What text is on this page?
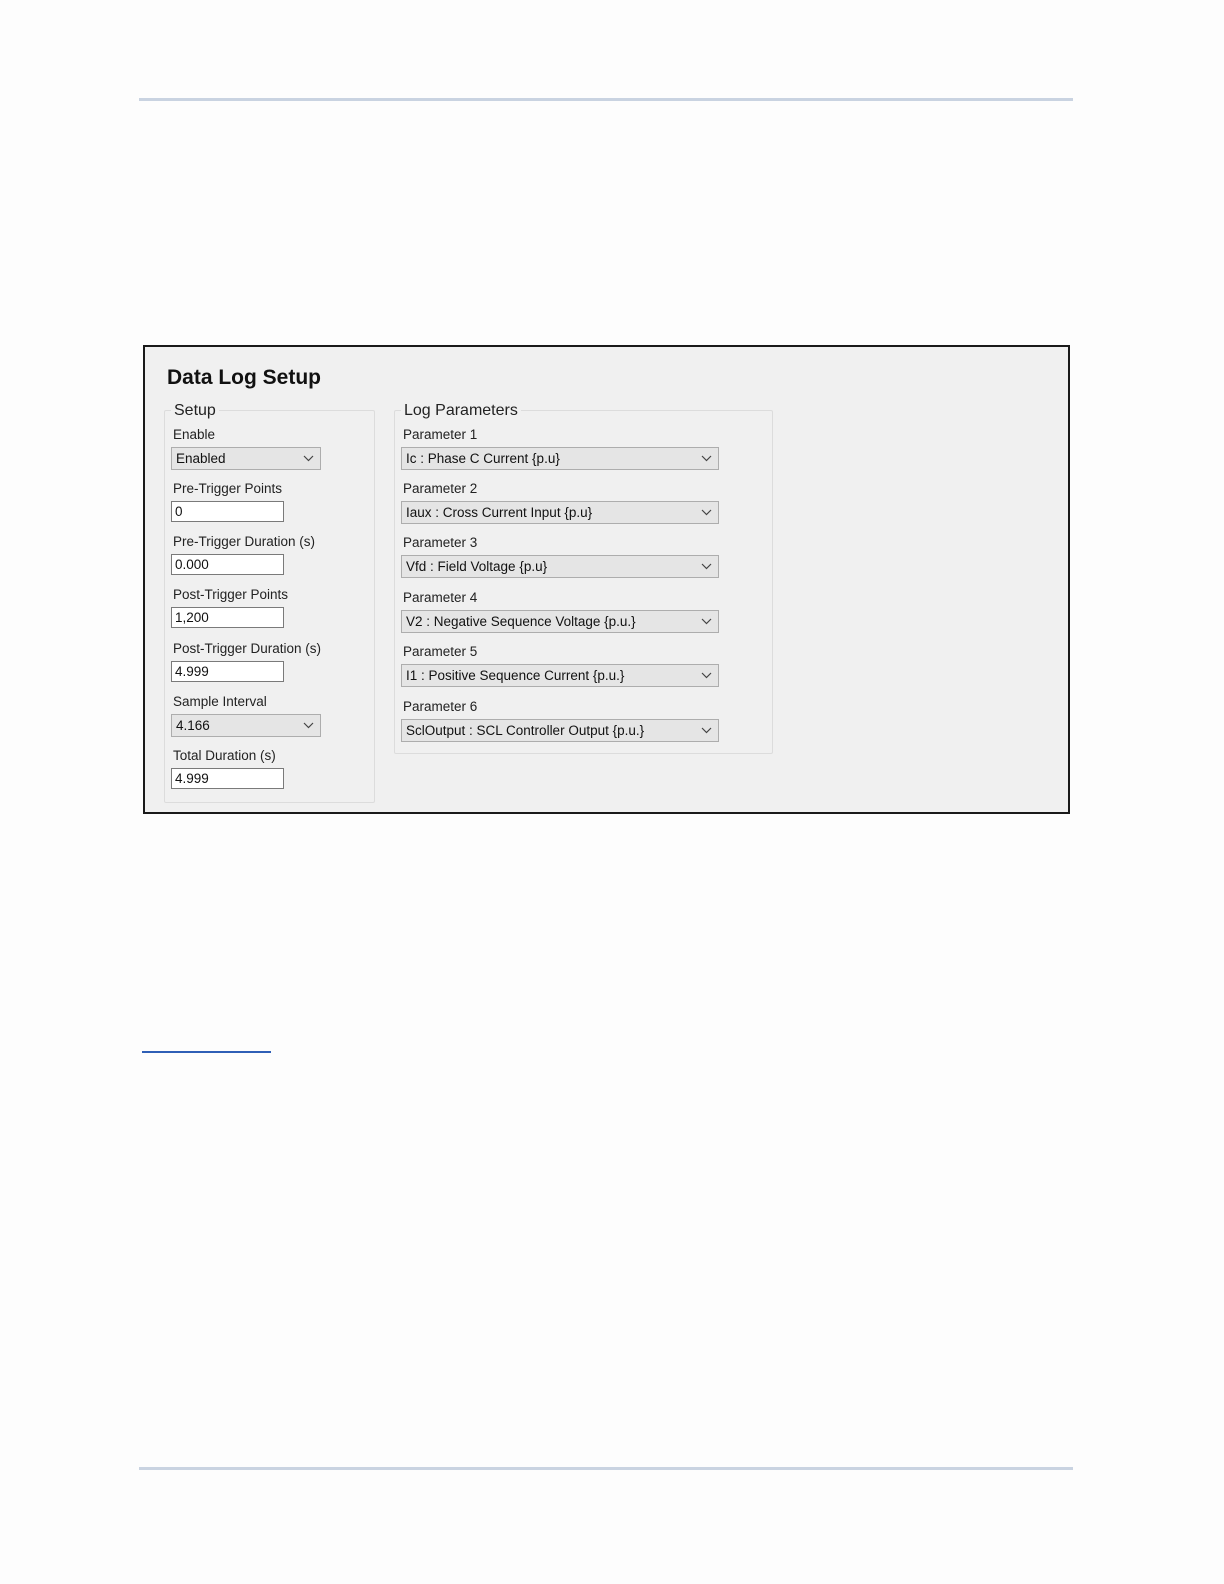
Data Log Setup
Setup
Enable
Enabled
Pre-Trigger Points
0
Pre-Trigger Duration (s)
0.000
Post-Trigger Points
1,200
Post-Trigger Duration (s)
4.999
Sample Interval
4.166
Total Duration (s)
4.999
Log Parameters
Parameter 1
Ic : Phase C Current {p.u}
Parameter 2
Iaux : Cross Current Input {p.u}
Parameter 3
Vfd : Field Voltage {p.u}
Parameter 4
V2 : Negative Sequence Voltage {p.u.}
Parameter 5
I1 : Positive Sequence Current {p.u.}
Parameter 6
SclOutput : SCL Controller Output {p.u.}
